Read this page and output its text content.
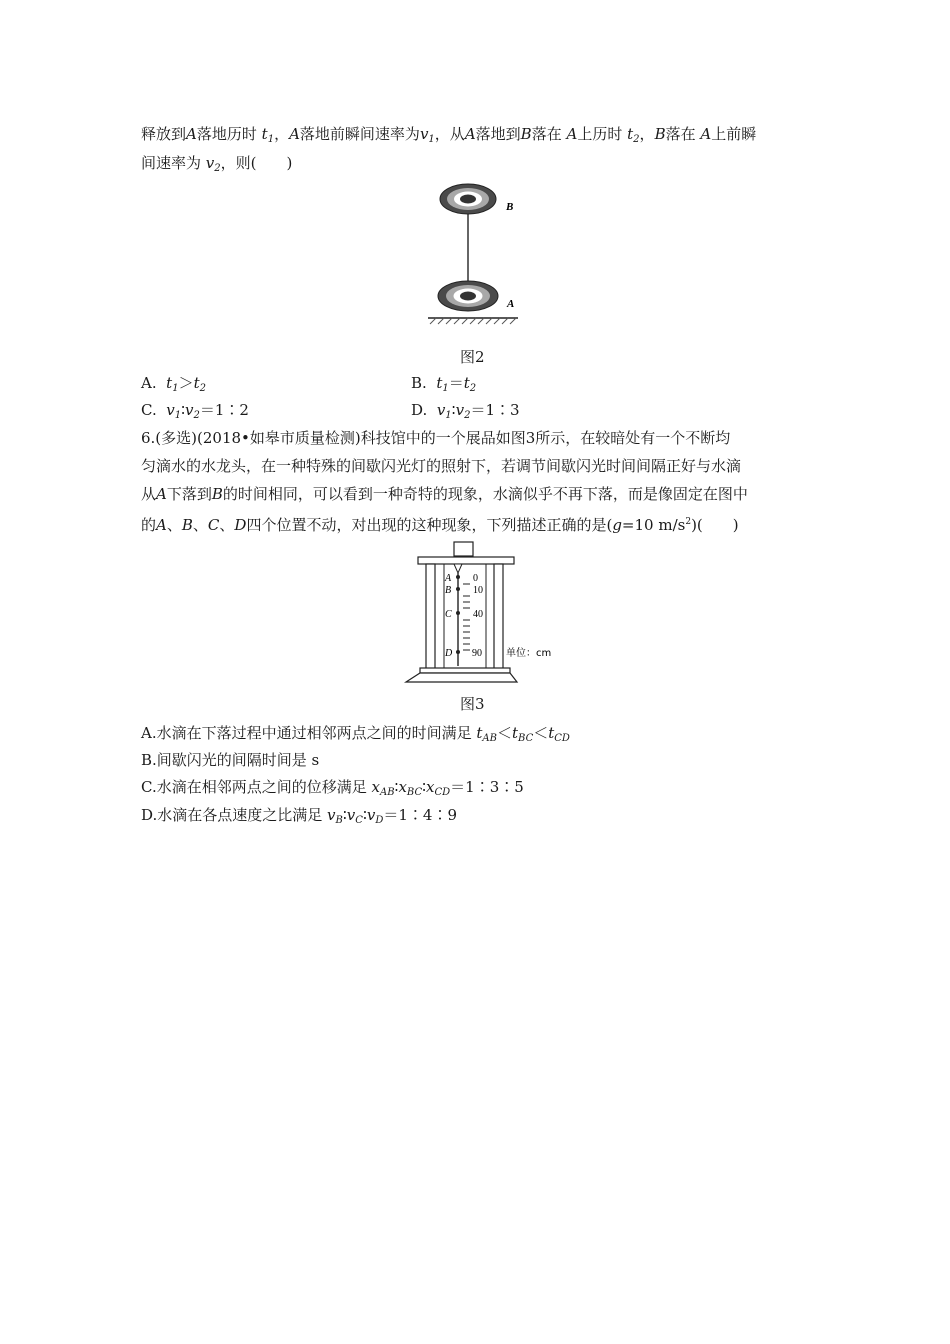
释放到A落地历时 $t_1$，A落地前瞬间速率为$v_1$，从A落地到B落在 A上历时 $t_2$，B落在 A上前瞬
间速率为 $v_2$，则(　　)
B
A
图2
A. $t_1>t_2$	B. $t_1=t_2$
C. $v_1∶v_2=1∶2$	D. $v_1∶v_2=1∶3$
6.(多选)(2018•如皋市质量检测)科技馆中的一个展品如图3所示，在较暗处有一个不断均
匀滴水的水龙头，在一种特殊的间歇闪光灯的照射下，若调节间歇闪光时间间隔正好与水滴
从A下落到B的时间相同，可以看到一种奇特的现象，水滴似乎不再下落，而是像固定在图中
的A、B、C、D四个位置不动，对出现的这种现象，下列描述正确的是(g=10 $m/s^2$)(　　)
A
B
C
D
0
10
40
90 单位：cm
图3
A.水滴在下落过程中通过相邻两点之间的时间满足 $t_{AB}<t_{BC}<t_{CD}$
B.间歇闪光的间隔时间是 s
C.水滴在相邻两点之间的位移满足 $x_{AB}∶x_{BC}∶x_{CD}=1∶3∶5$
D.水滴在各点速度之比满足 $v_B∶v_C∶v_D=1∶4∶9$
